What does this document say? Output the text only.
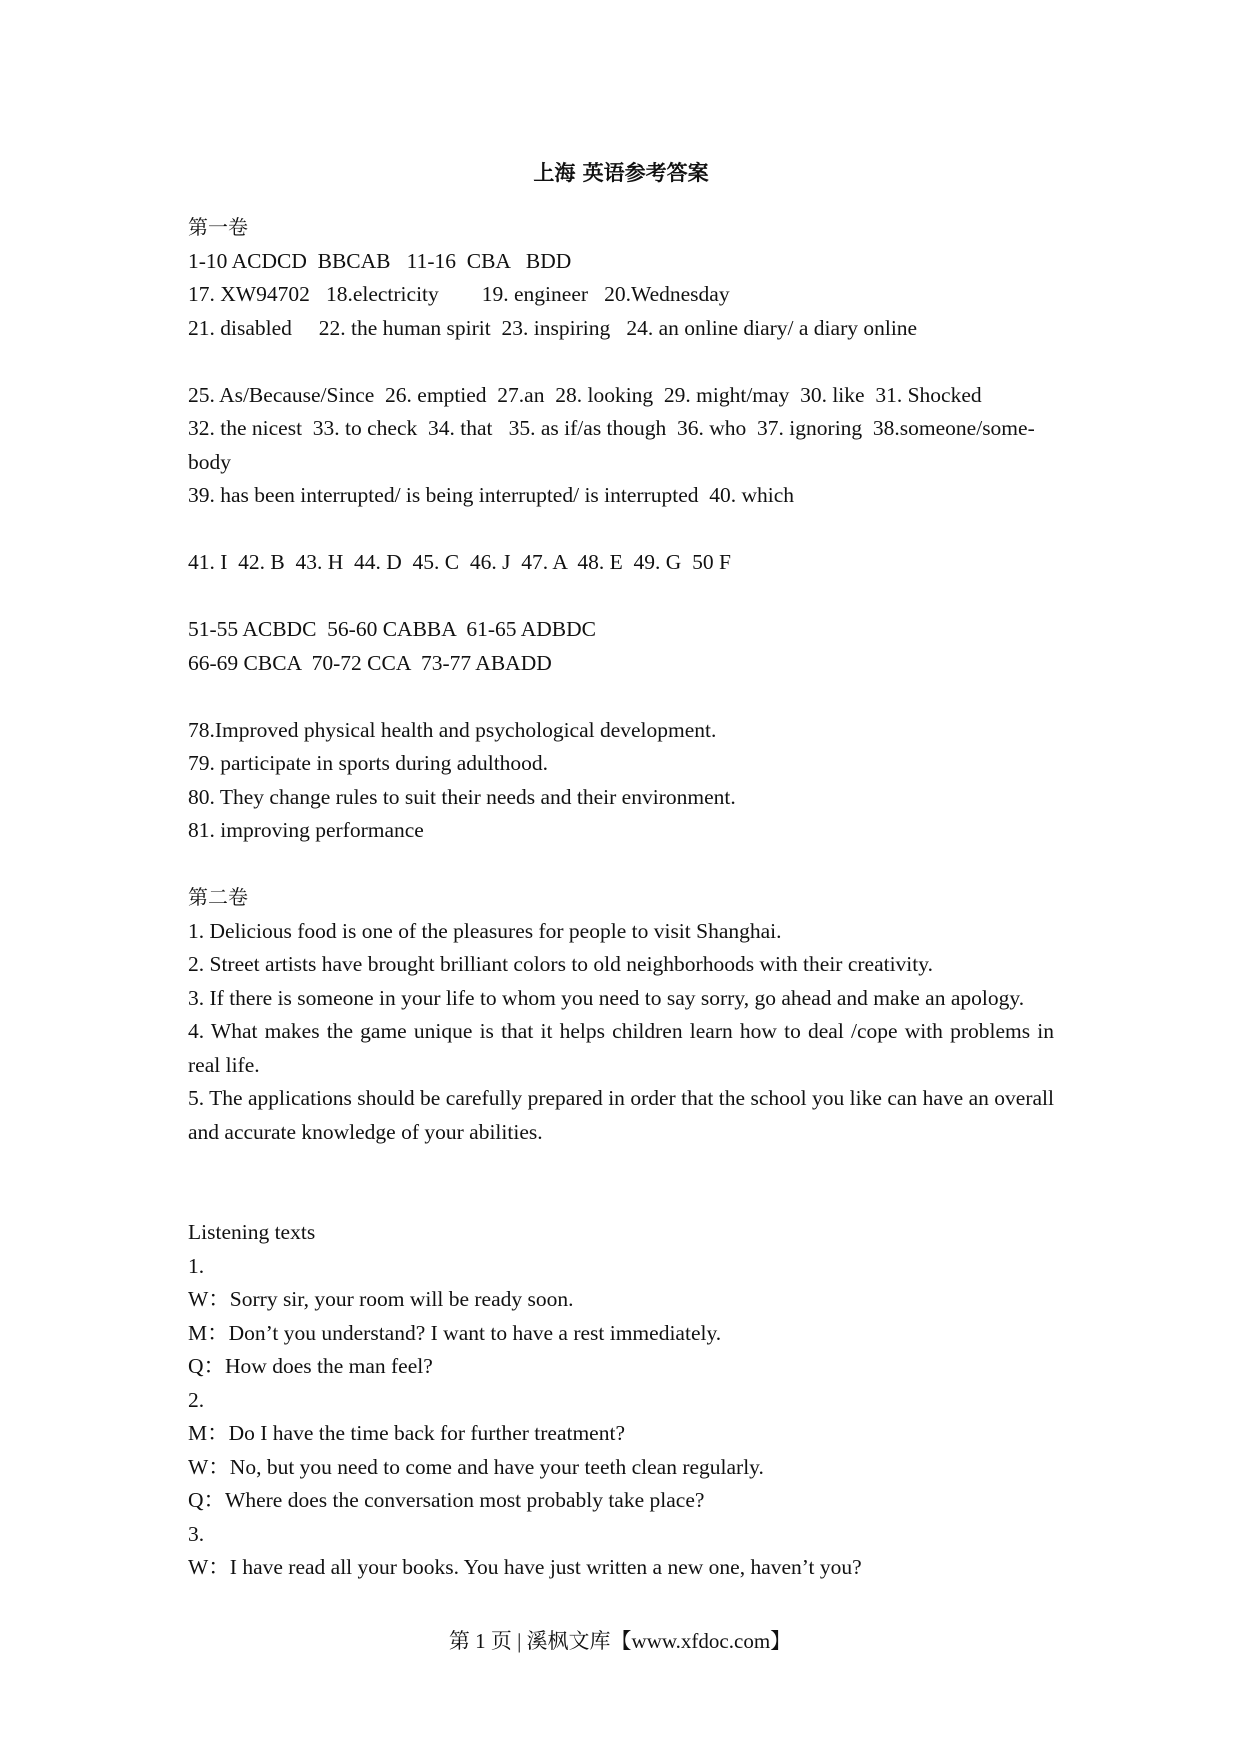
上海 英语参考答案
第一卷
1-10 ACDCD  BBCAB   11-16  CBA   BDD
17. XW94702   18.electricity        19. engineer   20.Wednesday
21. disabled     22. the human spirit  23. inspiring   24. an online diary/ a diary online
25. As/Because/Since  26. emptied  27.an  28. looking  29. might/may  30. like  31. Shocked
32. the nicest  33. to check  34. that   35. as if/as though  36. who  37. ignoring  38.someone/some-
body
39. has been interrupted/ is being interrupted/ is interrupted  40. which
41. I  42. B  43. H  44. D  45. C  46. J  47. A  48. E  49. G  50 F
51-55 ACBDC  56-60 CABBA  61-65 ADBDC
66-69 CBCA  70-72 CCA  73-77 ABADD
78.Improved physical health and psychological development.
79. participate in sports during adulthood.
80. They change rules to suit their needs and their environment.
81. improving performance
第二卷
1. Delicious food is one of the pleasures for people to visit Shanghai.
2. Street artists have brought brilliant colors to old neighborhoods with their creativity.
3. If there is someone in your life to whom you need to say sorry, go ahead and make an apology.
4. What makes the game unique is that it helps children learn how to deal /cope with problems in real life.
5. The applications should be carefully prepared in order that the school you like can have an overall and accurate knowledge of your abilities.
Listening texts
1.
W：Sorry sir, your room will be ready soon.
M：Don’t you understand? I want to have a rest immediately.
Q：How does the man feel?
2.
M：Do I have the time back for further treatment?
W：No, but you need to come and have your teeth clean regularly.
Q：Where does the conversation most probably take place?
3.
W：I have read all your books. You have just written a new one, haven’t you?
第 1 页 | 溪枫文库【www.xfdoc.com】
